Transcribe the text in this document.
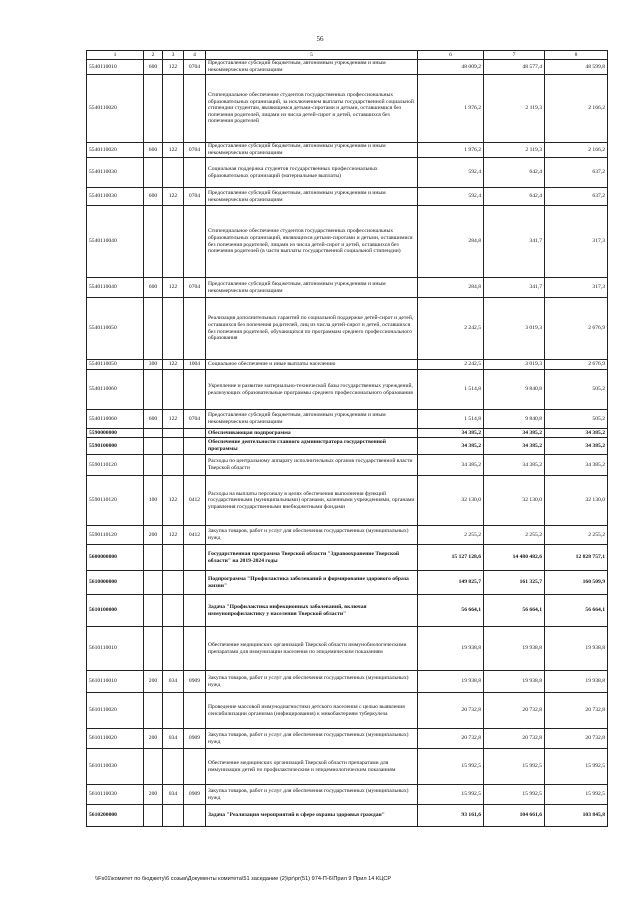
56
1	2	3	4	5	6	7	8
5540110010	600	122	0704	Предоставление субсидий бюджетным, автономным учреждениям и иным некоммерческим организациям	48 009,2	48 577,4	48 599,8
5540110020				Стипендиальное обеспечение студентов государственных профессиональных образовательных организаций, за исключением выплаты государственной социальной стипендии студентам, являющимся детьми-сиротами и детьми, оставшимися без попечения родителей, лицами из числа детей-сирот и детей, оставшихся без попечения родителей	1 976,2	2 119,3	2 166,2
5540110020	600	122	0704	Предоставление субсидий бюджетным, автономным учреждениям и иным некоммерческим организациям	1 976,2	2 119,3	2 166,2
5540110030				Социальная поддержка студентов государственных профессиональных образовательных организаций (материальные выплаты)	592,4	642,4	637,2
5540110030	600	122	0704	Предоставление субсидий бюджетным, автономным учреждениям и иным некоммерческим организациям	592,4	642,4	637,2
5540110040				Стипендиальное обеспечение студентов государственных профессиональных образовательных организаций, являющихся детьми-сиротами и детьми, оставшимися без попечения родителей, лицами из числа детей-сирот и детей, оставшихся без попечения родителей (в части выплаты государственной социальной стипендии)	284,8	341,7	317,3
5540110040	600	122	0704	Предоставление субсидий бюджетным, автономным учреждениям и иным некоммерческим организациям	284,8	341,7	317,3
5540110050				Реализация дополнительных гарантий по социальной поддержке детей-сирот и детей, оставшихся без попечения родителей, лиц из числа детей-сирот и детей, оставшихся без попечения родителей, обучающихся по программам среднего профессионального образования	2 242,5	3 019,3	2 676,9
5540110050	300	122	1004	Социальное обеспечение и иные выплаты населению	2 242,5	3 019,3	2 676,9
5540110060				Укрепление и развитие материально-технической базы государственных учреждений, реализующих образовательные программы среднего профессионального образования	1 514,8	9 840,8	505,2
5540110060	600	122	0704	Предоставление субсидий бюджетным, автономным учреждениям и иным некоммерческим организациям	1 514,8	9 840,8	505,2
5590000000				Обеспечивающая подпрограмма	34 385,2	34 385,2	34 385,2
5590100000				Обеспечение деятельности главного администратора государственной программы	34 385,2	34 385,2	34 385,2
5590110120				Расходы по центральному аппарату исполнительных органов государственной власти Тверской области	34 385,2	34 385,2	34 385,2
5590110120	100	122	0412	Расходы на выплаты персоналу в целях обеспечения выполнения функций государственными (муниципальными) органами, казенными учреждениями, органами управления государственными внебюджетными фондами	32 130,0	32 130,0	32 130,0
5590110120	200	122	0412	Закупка товаров, работ и услуг для обеспечения государственных (муниципальных) нужд	2 255,2	2 255,2	2 255,2
5600000000				Государственная программа Тверской области "Здравоохранение Тверской области" на 2019-2024 годы	15 127 128,6	14 480 482,6	12 828 757,1
5610000000				Подпрограмма "Профилактика заболеваний и формирование здорового образа жизни"	149 825,7	161 325,7	160 509,9
5610100000				Задача "Профилактика инфекционных заболеваний, включая иммунопрофилактику у населения Тверской области"	56 664,1	56 664,1	56 664,1
5610110010				Обеспечение медицинских организаций Тверской области иммунобиологическими препаратами для иммунизации населения по эпидемическим показаниям	19 938,8	19 938,8	19 938,8
5610110010	200	034	0909	Закупка товаров, работ и услуг для обеспечения государственных (муниципальных) нужд	19 938,8	19 938,8	19 938,8
5610110020				Проведение массовой иммунодиагностики детского населения с целью выявления сенсибилизации организма (инфицирования) к микобактериям туберкулеза	20 732,8	20 732,8	20 732,8
5610110020	200	034	0909	Закупка товаров, работ и услуг для обеспечения государственных (муниципальных) нужд	20 732,8	20 732,8	20 732,8
5610110030				Обеспечение медицинских организаций Тверской области препаратами для иммунизации детей по профилактическим и эпидемиологическим показаниям	15 992,5	15 992,5	15 992,5
5610110030	200	034	0909	Закупка товаров, работ и услуг для обеспечения государственных (муниципальных) нужд	15 992,5	15 992,5	15 992,5
5610200000				Задача "Реализация мероприятий в сфере охраны здоровья граждан"	93 161,6	104 661,6	103 845,8
\\Fs01\комитет по бюджету\6 созыв\Документы комитета\51 заседание (2)\рг\рг(51) 974-П-6\Прил 9 Прил 14 КЦСР
